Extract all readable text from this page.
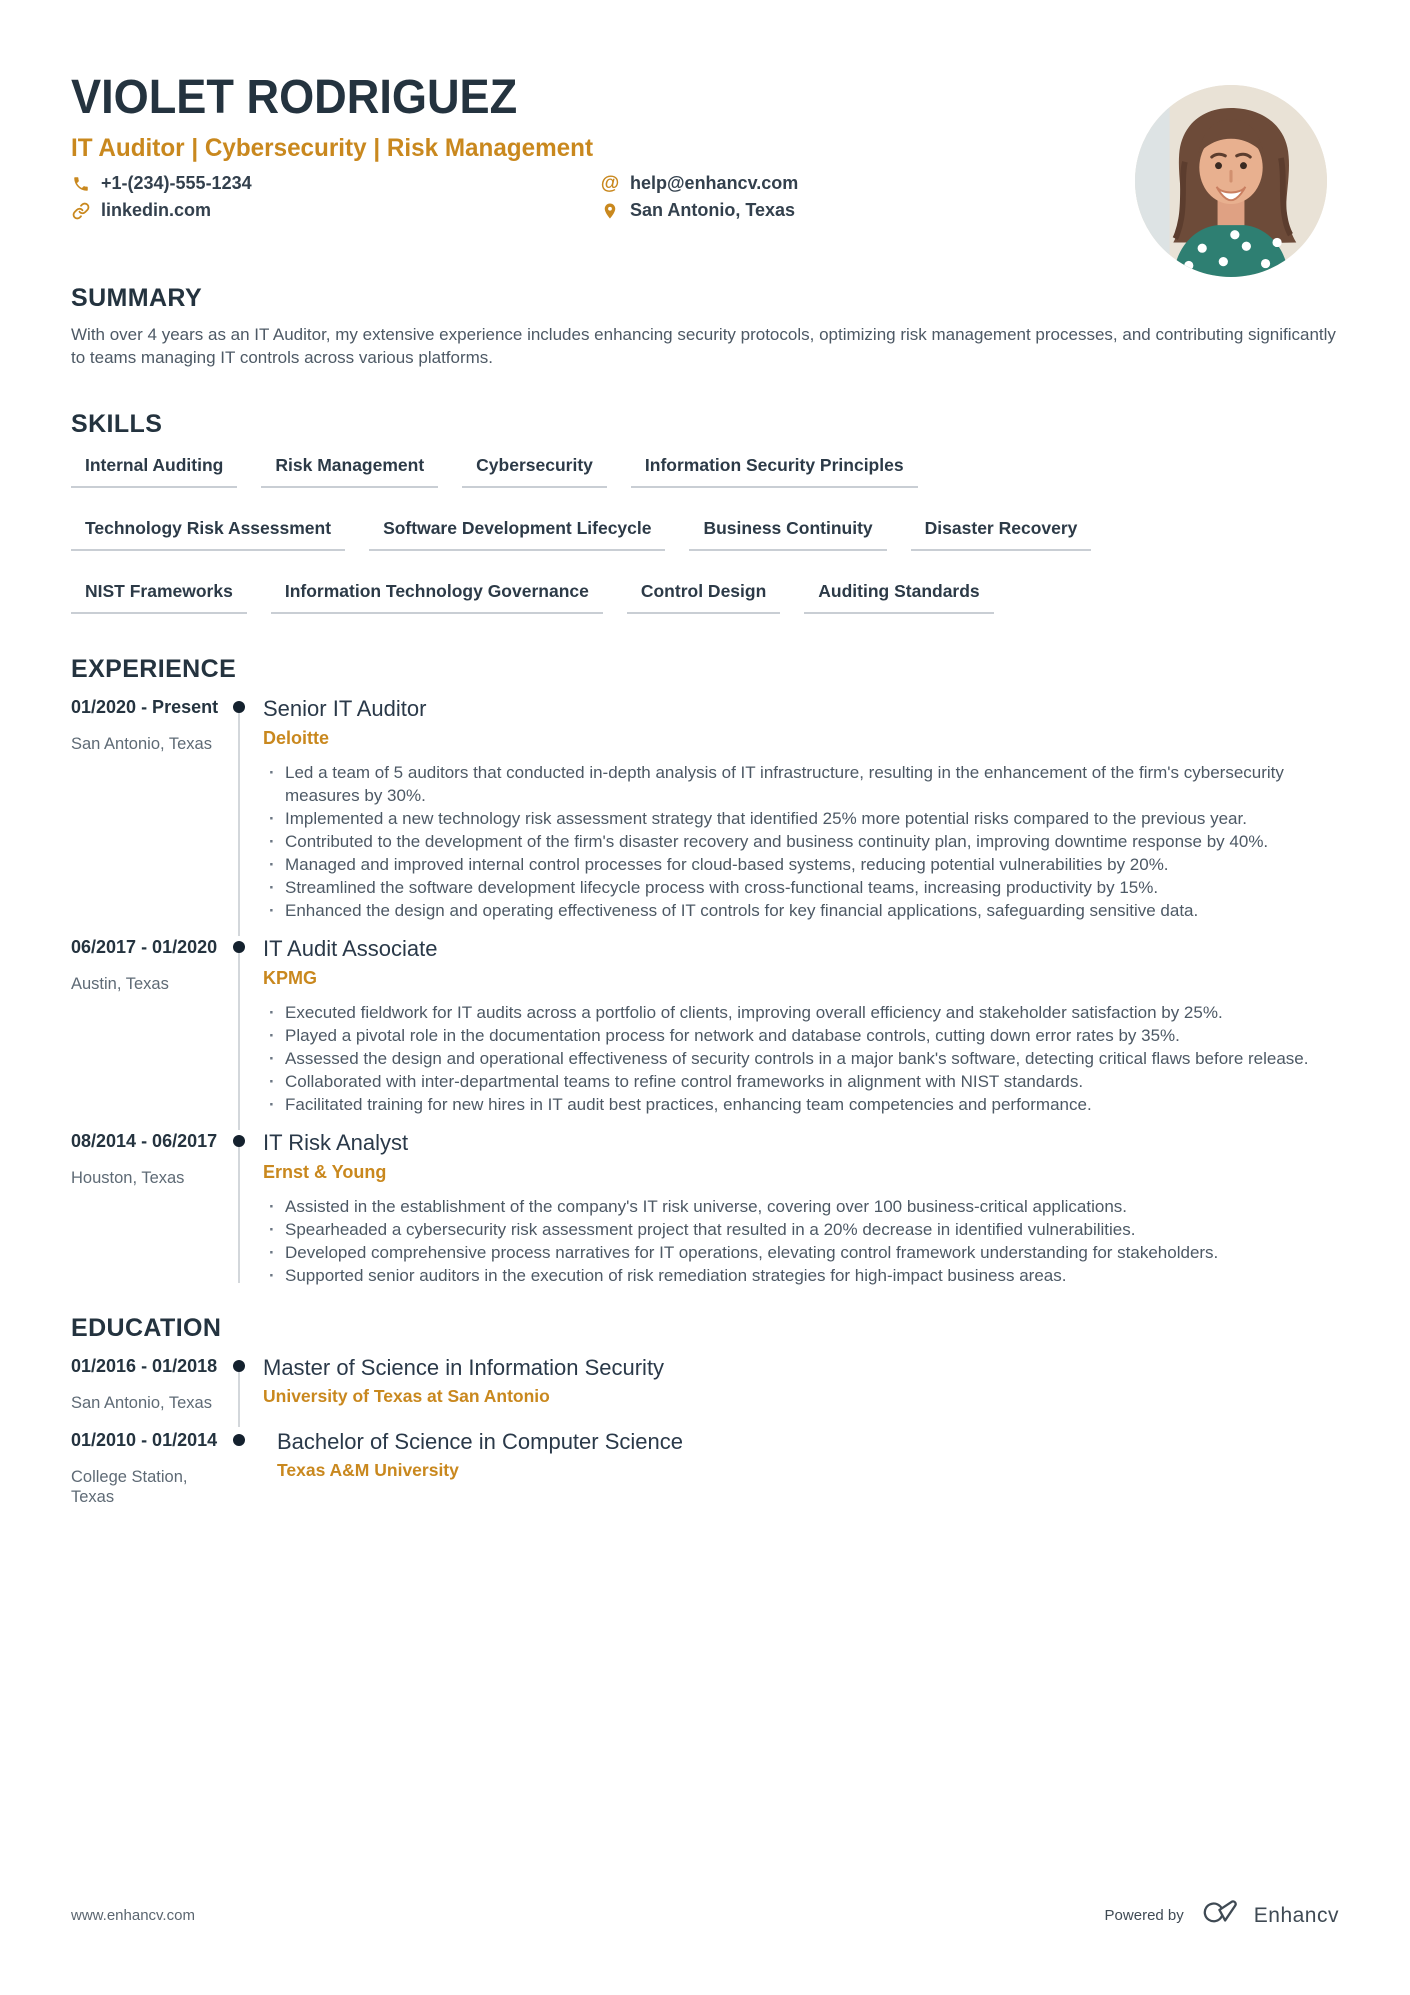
VIOLET RODRIGUEZ
IT Auditor | Cybersecurity | Risk Management
+1-(234)-555-1234	@ help@enhancv.com
linkedin.com	San Antonio, Texas
SUMMARY

With over 4 years as an IT Auditor, my extensive experience includes enhancing security protocols, optimizing risk management processes, and contributing significantly to teams managing IT controls across various platforms.

SKILLS
Internal Auditing	Risk Management	Cybersecurity	Information Security Principles
Technology Risk Assessment	Software Development Lifecycle	Business Continuity	Disaster Recovery
NIST Frameworks	Information Technology Governance	Control Design	Auditing Standards
EXPERIENCE
01/2020 - Present
San Antonio, Texas
Senior IT Auditor
Deloitte
· Led a team of 5 auditors that conducted in-depth analysis of IT infrastructure, resulting in the enhancement of the firm's cybersecurity measures by 30%.
· Implemented a new technology risk assessment strategy that identified 25% more potential risks compared to the previous year.
· Contributed to the development of the firm's disaster recovery and business continuity plan, improving downtime response by 40%.
· Managed and improved internal control processes for cloud-based systems, reducing potential vulnerabilities by 20%.
· Streamlined the software development lifecycle process with cross-functional teams, increasing productivity by 15%.
· Enhanced the design and operating effectiveness of IT controls for key financial applications, safeguarding sensitive data.
06/2017 - 01/2020
Austin, Texas
IT Audit Associate
KPMG
· Executed fieldwork for IT audits across a portfolio of clients, improving overall efficiency and stakeholder satisfaction by 25%.
· Played a pivotal role in the documentation process for network and database controls, cutting down error rates by 35%.
· Assessed the design and operational effectiveness of security controls in a major bank's software, detecting critical flaws before release.
· Collaborated with inter-departmental teams to refine control frameworks in alignment with NIST standards.
· Facilitated training for new hires in IT audit best practices, enhancing team competencies and performance.
08/2014 - 06/2017
Houston, Texas
IT Risk Analyst
Ernst & Young
· Assisted in the establishment of the company's IT risk universe, covering over 100 business-critical applications.
· Spearheaded a cybersecurity risk assessment project that resulted in a 20% decrease in identified vulnerabilities.
· Developed comprehensive process narratives for IT operations, elevating control framework understanding for stakeholders.
· Supported senior auditors in the execution of risk remediation strategies for high-impact business areas.
EDUCATION
01/2016 - 01/2018
San Antonio, Texas
Master of Science in Information Security
University of Texas at San Antonio
01/2010 - 01/2014
College Station, Texas
Bachelor of Science in Computer Science
Texas A&M University
www.enhancv.com	Powered by	Enhancv
